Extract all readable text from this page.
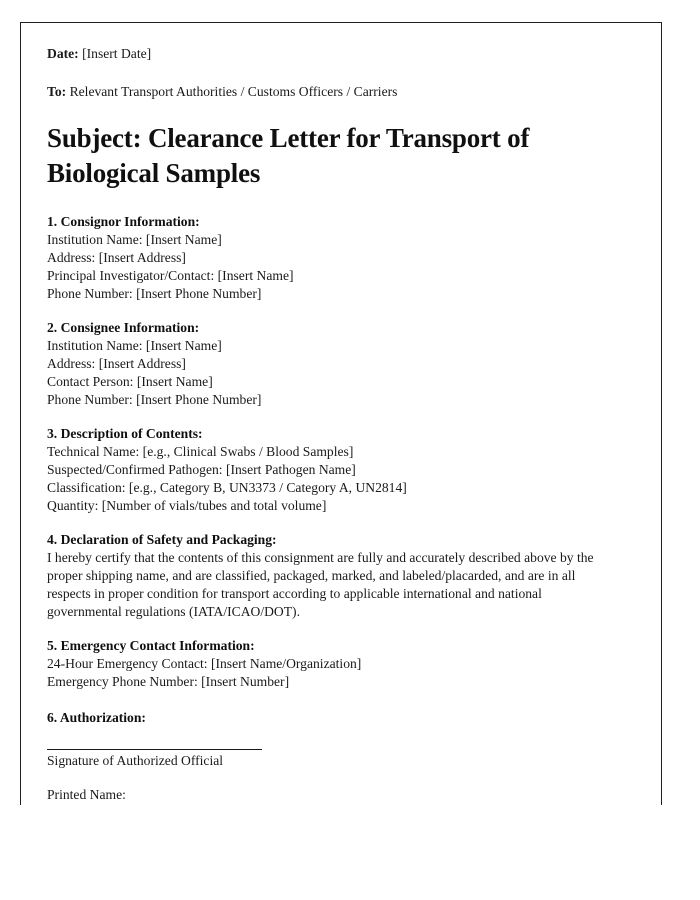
Date: [Insert Date]
To: Relevant Transport Authorities / Customs Officers / Carriers
Subject: Clearance Letter for Transport of Biological Samples
1. Consignor Information:
Institution Name: [Insert Name]
Address: [Insert Address]
Principal Investigator/Contact: [Insert Name]
Phone Number: [Insert Phone Number]
2. Consignee Information:
Institution Name: [Insert Name]
Address: [Insert Address]
Contact Person: [Insert Name]
Phone Number: [Insert Phone Number]
3. Description of Contents:
Technical Name: [e.g., Clinical Swabs / Blood Samples]
Suspected/Confirmed Pathogen: [Insert Pathogen Name]
Classification: [e.g., Category B, UN3373 / Category A, UN2814]
Quantity: [Number of vials/tubes and total volume]
4. Declaration of Safety and Packaging:
I hereby certify that the contents of this consignment are fully and accurately described above by the proper shipping name, and are classified, packaged, marked, and labeled/placarded, and are in all respects in proper condition for transport according to applicable international and national governmental regulations (IATA/ICAO/DOT).
5. Emergency Contact Information:
24-Hour Emergency Contact: [Insert Name/Organization]
Emergency Phone Number: [Insert Number]
6. Authorization:
Signature of Authorized Official
Printed Name:
